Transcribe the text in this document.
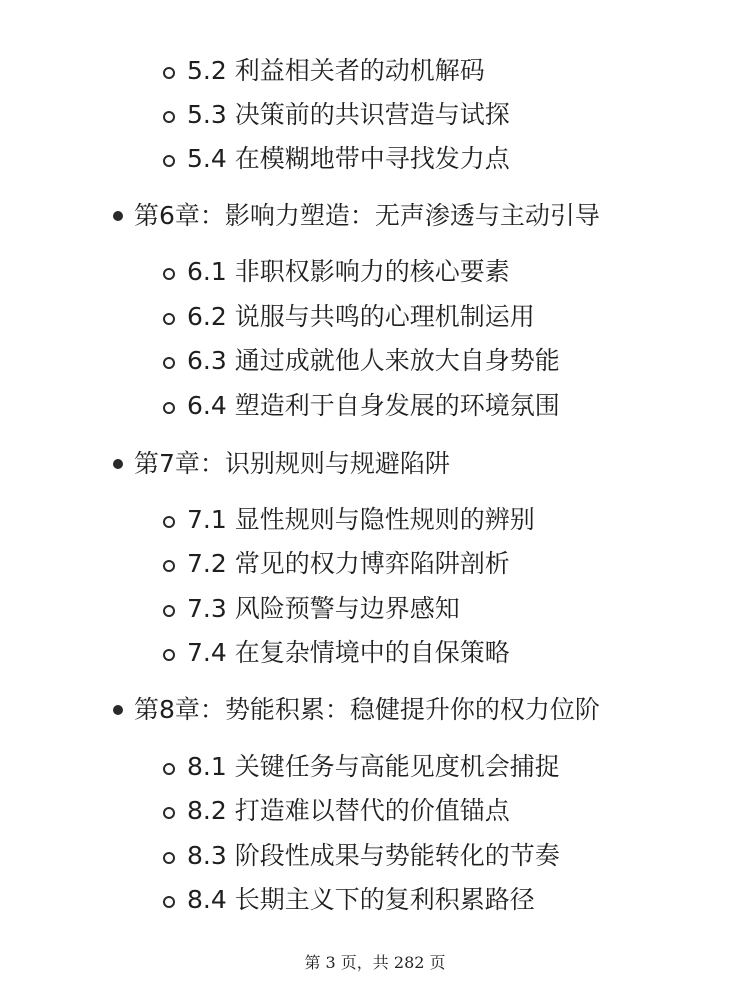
5.2 利益相关者的动机解码
5.3 决策前的共识营造与试探
5.4 在模糊地带中寻找发力点
第6章：影响力塑造：无声渗透与主动引导
6.1 非职权影响力的核心要素
6.2 说服与共鸣的心理机制运用
6.3 通过成就他人来放大自身势能
6.4 塑造利于自身发展的环境氛围
第7章：识别规则与规避陷阱
7.1 显性规则与隐性规则的辨别
7.2 常见的权力博弈陷阱剖析
7.3 风险预警与边界感知
7.4 在复杂情境中的自保策略
第8章：势能积累：稳健提升你的权力位阶
8.1 关键任务与高能见度机会捕捉
8.2 打造难以替代的价值锚点
8.3 阶段性成果与势能转化的节奏
8.4 长期主义下的复利积累路径
第 3 页，共 282 页
